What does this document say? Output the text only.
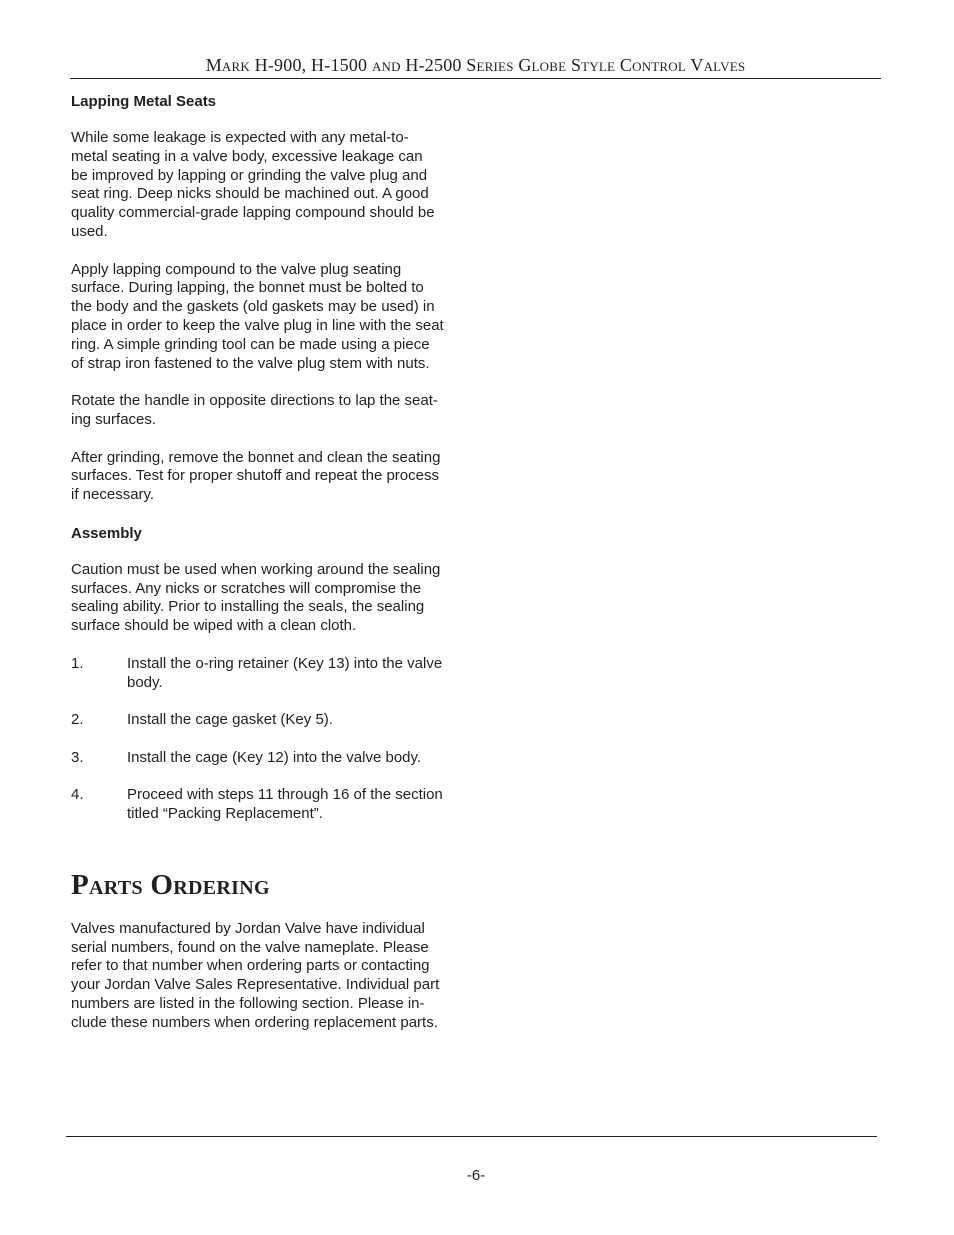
Mark H-900, H-1500 and H-2500 Series Globe Style Control Valves
Lapping Metal Seats

While some leakage is expected with any metal-to-
metal seating in a valve body, excessive leakage can
be improved by lapping or grinding the valve plug and
seat ring. Deep nicks should be machined out. A good
quality commercial-grade lapping compound should be
used.

Apply lapping compound to the valve plug seating
surface. During lapping, the bonnet must be bolted to
the body and the gaskets (old gaskets may be used) in
place in order to keep the valve plug in line with the seat
ring. A simple grinding tool can be made using a piece
of strap iron fastened to the valve plug stem with nuts.

Rotate the handle in opposite directions to lap the seat-
ing surfaces.

After grinding, remove the bonnet and clean the seating
surfaces. Test for proper shutoff and repeat the process
if necessary.

Assembly

Caution must be used when working around the sealing
surfaces. Any nicks or scratches will compromise the
sealing ability. Prior to installing the seals, the sealing
surface should be wiped with a clean cloth.

1.	Install the o-ring retainer (Key 13) into the valve
body.
2.	Install the cage gasket (Key 5).
3.	Install the cage (Key 12) into the valve body.
4.	Proceed with steps 11 through 16 of the section
titled “Packing Replacement”.
Parts Ordering

Valves manufactured by Jordan Valve have individual
serial numbers, found on the valve nameplate. Please
refer to that number when ordering parts or contacting
your Jordan Valve Sales Representative. Individual part
numbers are listed in the following section. Please in-
clude these numbers when ordering replacement parts.

-6-
